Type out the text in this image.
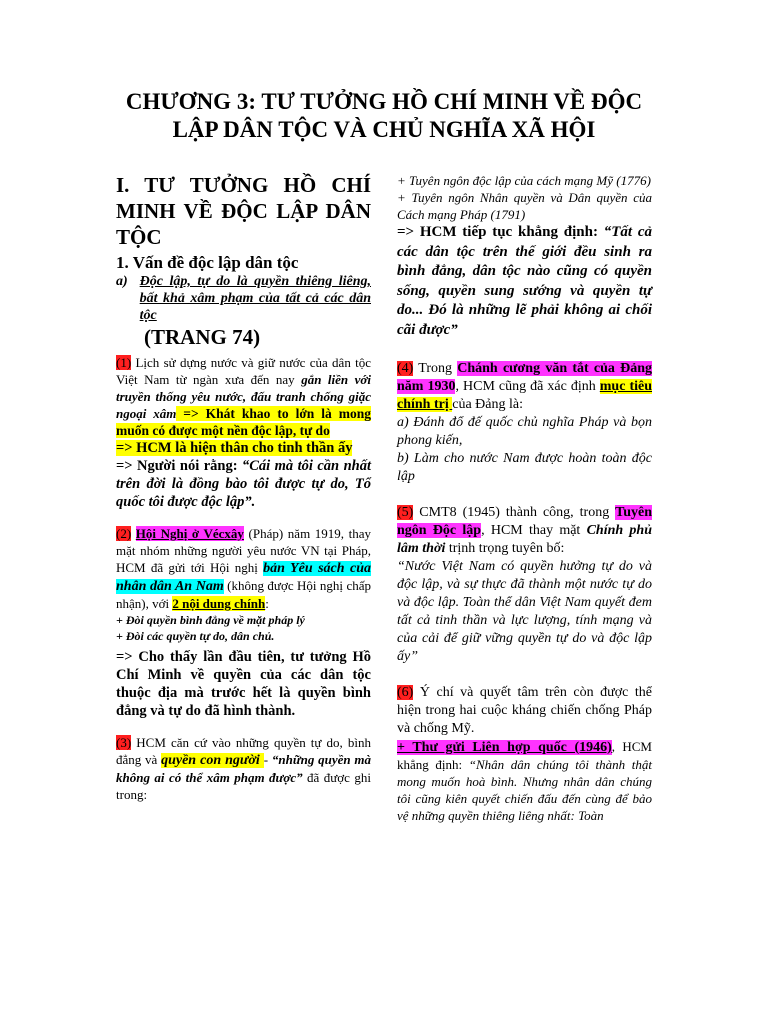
CHƯƠNG 3: TƯ TƯỞNG HỒ CHÍ MINH VỀ ĐỘC LẬP DÂN TỘC VÀ CHỦ NGHĨA XÃ HỘI
I. TƯ TƯỞNG HỒ CHÍ MINH VỀ ĐỘC LẬP DÂN TỘC
1. Vấn đề độc lập dân tộc
a) Độc lập, tự do là quyền thiêng liêng, bất khả xâm phạm của tất cả các dân tộc
(TRANG 74)
(1) Lịch sử dựng nước và giữ nước của dân tộc Việt Nam từ ngàn xưa đến nay gắn liền với truyền thống yêu nước, đấu tranh chống giặc ngoại xâm => Khát khao to lớn là mong muốn có được một nền độc lập, tự do
=> HCM là hiện thân cho tinh thần ấy
=> Người nói rằng: “Cái mà tôi cần nhất trên đời là đồng bào tôi được tự do, Tổ quốc tôi được độc lập”.
(2) Hội Nghị ở Vécxây (Pháp) năm 1919, thay mặt nhóm những người yêu nước VN tại Pháp, HCM đã gửi tới Hội nghị bản Yêu sách của nhân dân An Nam (không được Hội nghị chấp nhận), với 2 nội dung chính:
+ Đòi quyền bình đẳng về mặt pháp lý
+ Đòi các quyền tự do, dân chủ.
=> Cho thấy lần đầu tiên, tư tưởng Hồ Chí Minh về quyền của các dân tộc thuộc địa mà trước hết là quyền bình đẳng và tự do đã hình thành.
(3) HCM căn cứ vào những quyền tự do, bình đẳng và quyền con người - “những quyền mà không ai có thể xâm phạm được” đã được ghi trong:
+ Tuyên ngôn độc lập của cách mạng Mỹ (1776)
+ Tuyên ngôn Nhân quyền và Dân quyền của Cách mạng Pháp (1791)
=> HCM tiếp tục khẳng định: “Tất cả các dân tộc trên thế giới đều sinh ra bình đẳng, dân tộc nào cũng có quyền sống, quyền sung sướng và quyền tự do... Đó là những lẽ phải không ai chối cãi được”
(4) Trong Chánh cương văn tắt của Đảng năm 1930, HCM cũng đã xác định mục tiêu chính trị của Đảng là:
a) Đánh đổ đế quốc chủ nghĩa Pháp và bọn phong kiến,
b) Làm cho nước Nam được hoàn toàn độc lập
(5) CMT8 (1945) thành công, trong Tuyên ngôn Độc lập, HCM thay mặt Chính phủ lâm thời trịnh trọng tuyên bố:
“Nước Việt Nam có quyền hưởng tự do và độc lập, và sự thực đã thành một nước tự do và độc lập. Toàn thể dân Việt Nam quyết đem tất cả tinh thần và lực lượng, tính mạng và của cải để giữ vững quyền tự do và độc lập ấy”
(6) Ý chí và quyết tâm trên còn được thể hiện trong hai cuộc kháng chiến chống Pháp và chống Mỹ.
+ Thư gửi Liên hợp quốc (1946), HCM khẳng định: “Nhân dân chúng tôi thành thật mong muốn hoà bình. Nhưng nhân dân chúng tôi cũng kiên quyết chiến đấu đến cùng để bảo vệ những quyền thiêng liêng nhất: Toàn
